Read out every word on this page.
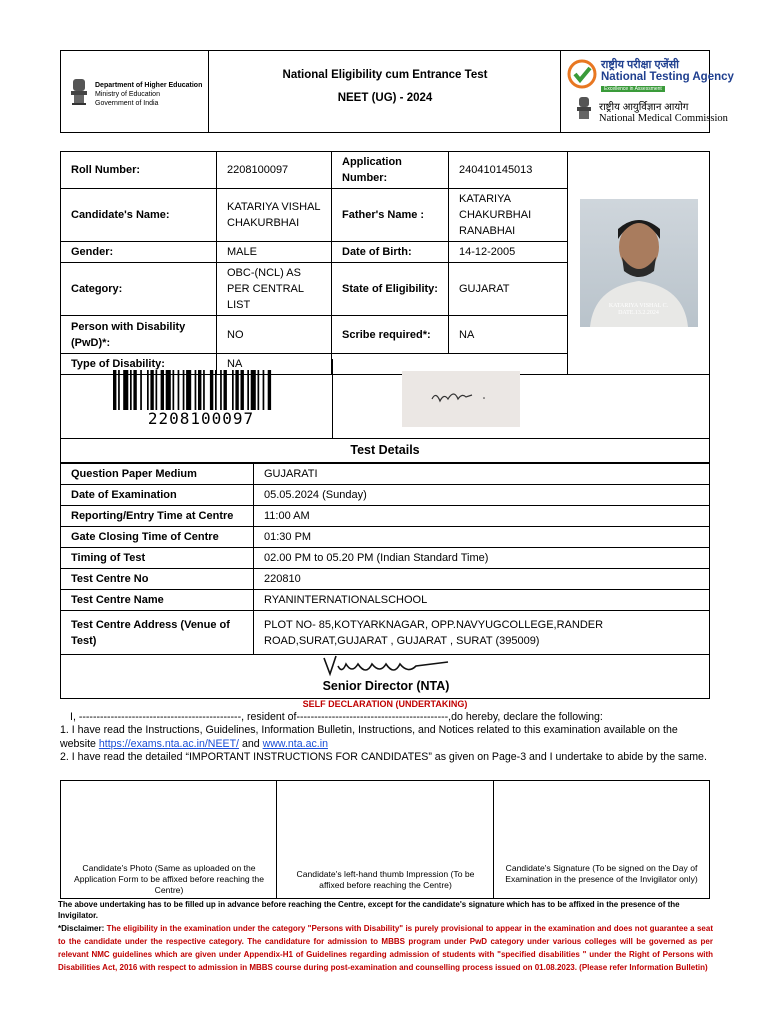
Department of Higher Education
Ministry of Education
Government of India
National Eligibility cum Entrance Test
NEET (UG) - 2024
राष्ट्रीय परीक्षा एजेंसी
National Testing Agency
Excellence in Assessment
राष्ट्रीय आयुर्विज्ञान आयोग
National Medical Commission
Roll Number:	2208100097	Application Number:	240410145013	KATARIYA VISHAL C.
DATE.13.2.2024

Candidate's Name:	KATARIYA VISHAL CHAKURBHAI	Father's Name :	KATARIYA CHAKURBHAI RANABHAI	
Gender:	MALE	Date of Birth:	14-12-2005	
Category:	OBC-(NCL) AS PER CENTRAL LIST	State of Eligibility:	GUJARAT	
Person with Disability (PwD)*:	NO	Scribe required*:	NA	
Type of Disability:	NA			
2208100097
Test Details
Question Paper Medium	GUJARATI
Date of Examination	05.05.2024 (Sunday)
Reporting/Entry Time at Centre	11:00 AM
Gate Closing Time of Centre	01:30 PM
Timing of Test	02.00 PM to 05.20 PM (Indian Standard Time)
Test Centre No	220810
Test Centre Name	RYANINTERNATIONALSCHOOL
Test Centre Address (Venue of Test)	PLOT NO- 85,KOTYARKNAGAR, OPP.NAVYUGCOLLEGE,RANDER ROAD,SURAT,GUJARAT , GUJARAT , SURAT (395009)
Senior Director (NTA)
SELF DECLARATION (UNDERTAKING)
I, ----------------------------------------------, resident of-------------------------------------------,do hereby, declare the following:
1. I have read the Instructions, Guidelines, Information Bulletin, Instructions, and Notices related to this examination available on the website https://exams.nta.ac.in/NEET/ and www.nta.ac.in
2. I have read the detailed “IMPORTANT INSTRUCTIONS FOR CANDIDATES” as given on Page-3 and I undertake to abide by the same.
Candidate's Photo (Same as uploaded on the Application Form to be affixed before reaching the Centre)
Candidate's left-hand thumb Impression (To be affixed before reaching the Centre)
Candidate's Signature (To be signed on the Day of Examination in the presence of the Invigilator only)
The above undertaking has to be filled up in advance before reaching the Centre, except for the candidate's signature which has to be affixed in the presence of the Invigilator.
*Disclaimer: The eligibility in the examination under the category "Persons with Disability" is purely provisional to appear in the examination and does not guarantee a seat to the candidate under the respective category. The candidature for admission to MBBS program under PwD category under various colleges will be governed as per relevant NMC guidelines which are given under Appendix-H1 of Guidelines regarding admission of students with "specified disabilities " under the Right of Persons with Disabilities Act, 2016 with respect to admission in MBBS course during post-examination and counselling process issued on 01.08.2023. (Please refer Information Bulletin)
